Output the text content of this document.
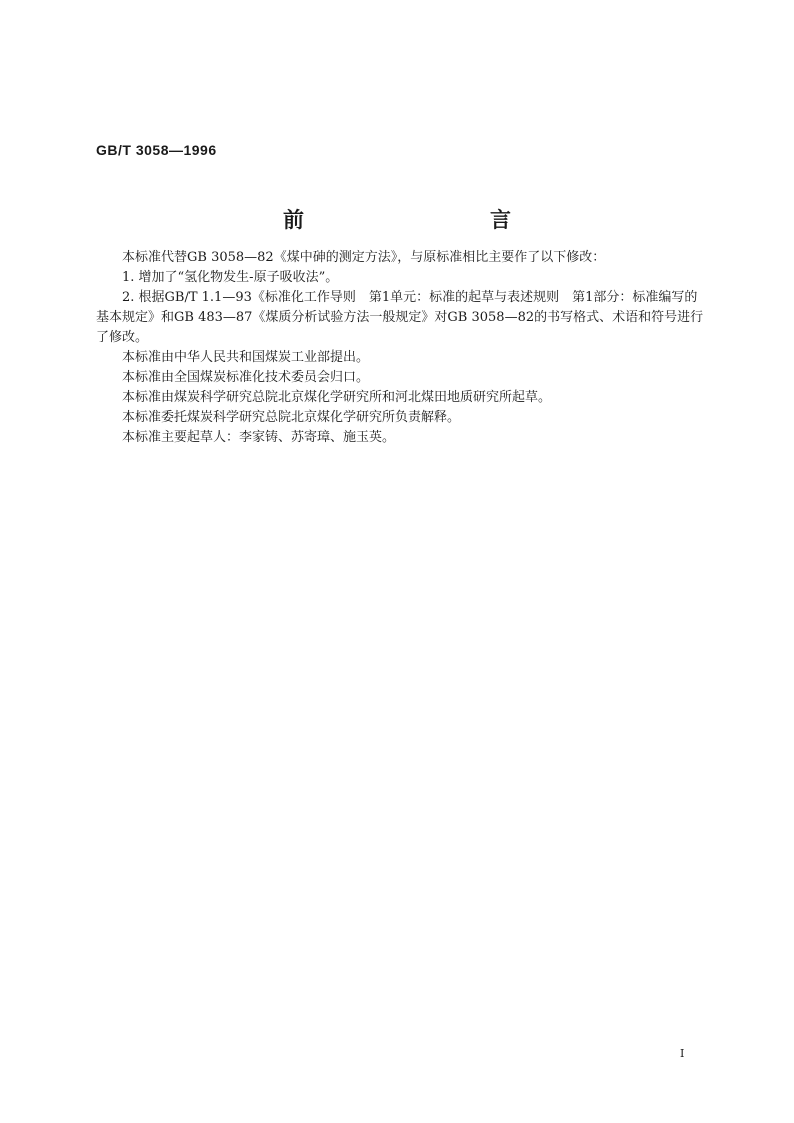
GB/T 3058—1996
前　　言

本标准代替GB 3058—82《煤中砷的测定方法》，与原标准相比主要作了以下修改：

1. 增加了“氢化物发生-原子吸收法”。

2. 根据GB/T 1.1—93《标准化工作导则　第1单元：标准的起草与表述规则　第1部分：标准编写的基本规定》和GB 483—87《煤质分析试验方法一般规定》对GB 3058—82的书写格式、术语和符号进行了修改。

本标准由中华人民共和国煤炭工业部提出。

本标准由全国煤炭标准化技术委员会归口。

本标准由煤炭科学研究总院北京煤化学研究所和河北煤田地质研究所起草。

本标准委托煤炭科学研究总院北京煤化学研究所负责解释。

本标准主要起草人：李家铸、苏寄璋、施玉英。

I
